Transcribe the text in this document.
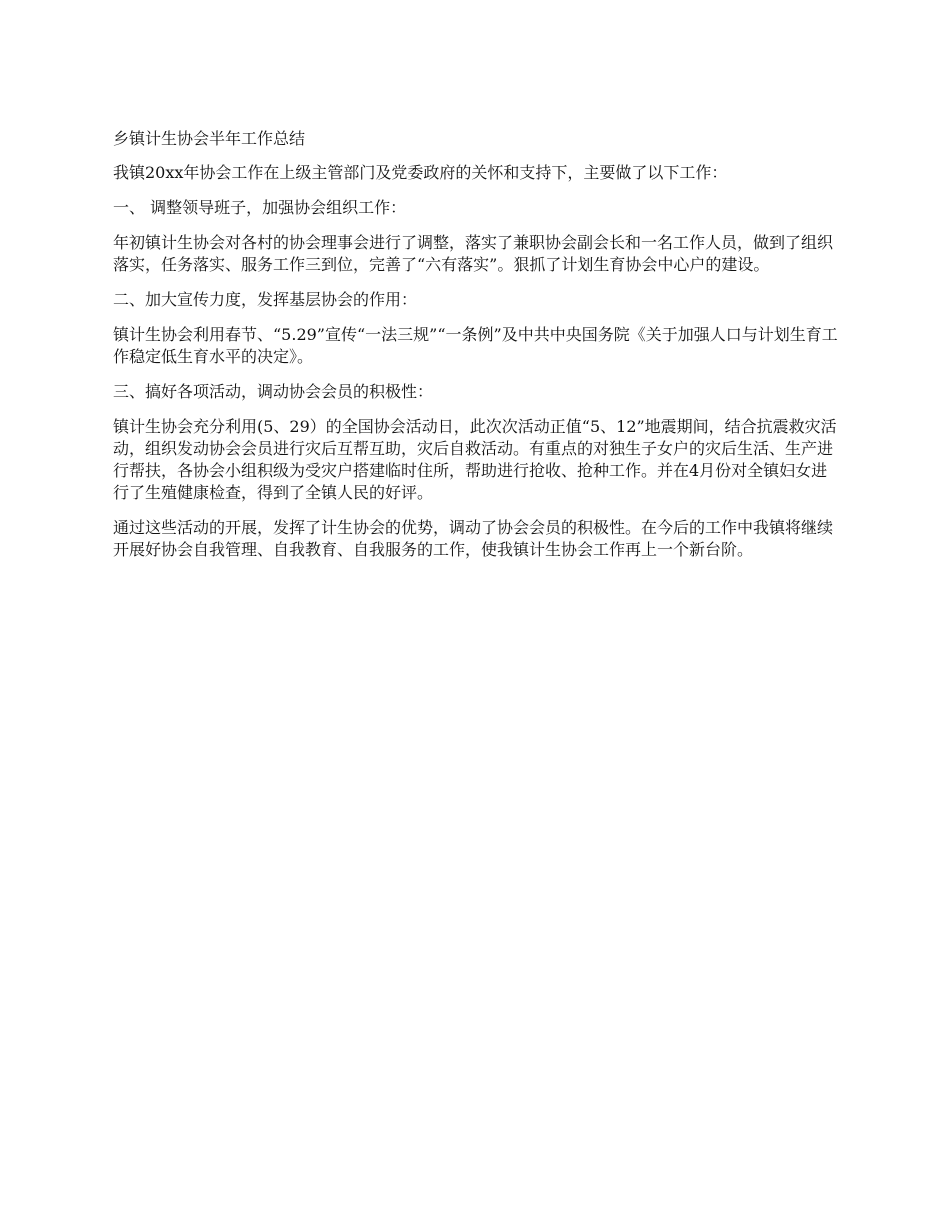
乡镇计生协会半年工作总结

我镇20xx年协会工作在上级主管部门及党委政府的关怀和支持下，主要做了以下工作：

一、 调整领导班子，加强协会组织工作：

年初镇计生协会对各村的协会理事会进行了调整，落实了兼职协会副会长和一名工作人员，做到了组织落实，任务落实、服务工作三到位，完善了“六有落实”。狠抓了计划生育协会中心户的建设。

二、加大宣传力度，发挥基层协会的作用：

镇计生协会利用春节、“5.29”宣传“一法三规”“一条例”及中共中央国务院《关于加强人口与计划生育工作稳定低生育水平的决定》。

三、搞好各项活动，调动协会会员的积极性：

镇计生协会充分利用(5、29）的全国协会活动日，此次次活动正值“5、12”地震期间，结合抗震救灾活动，组织发动协会会员进行灾后互帮互助，灾后自救活动。有重点的对独生子女户的灾后生活、生产进行帮扶，各协会小组积级为受灾户搭建临时住所，帮助进行抢收、抢种工作。并在4月份对全镇妇女进行了生殖健康检查，得到了全镇人民的好评。

通过这些活动的开展，发挥了计生协会的优势，调动了协会会员的积极性。在今后的工作中我镇将继续开展好协会自我管理、自我教育、自我服务的工作，使我镇计生协会工作再上一个新台阶。
